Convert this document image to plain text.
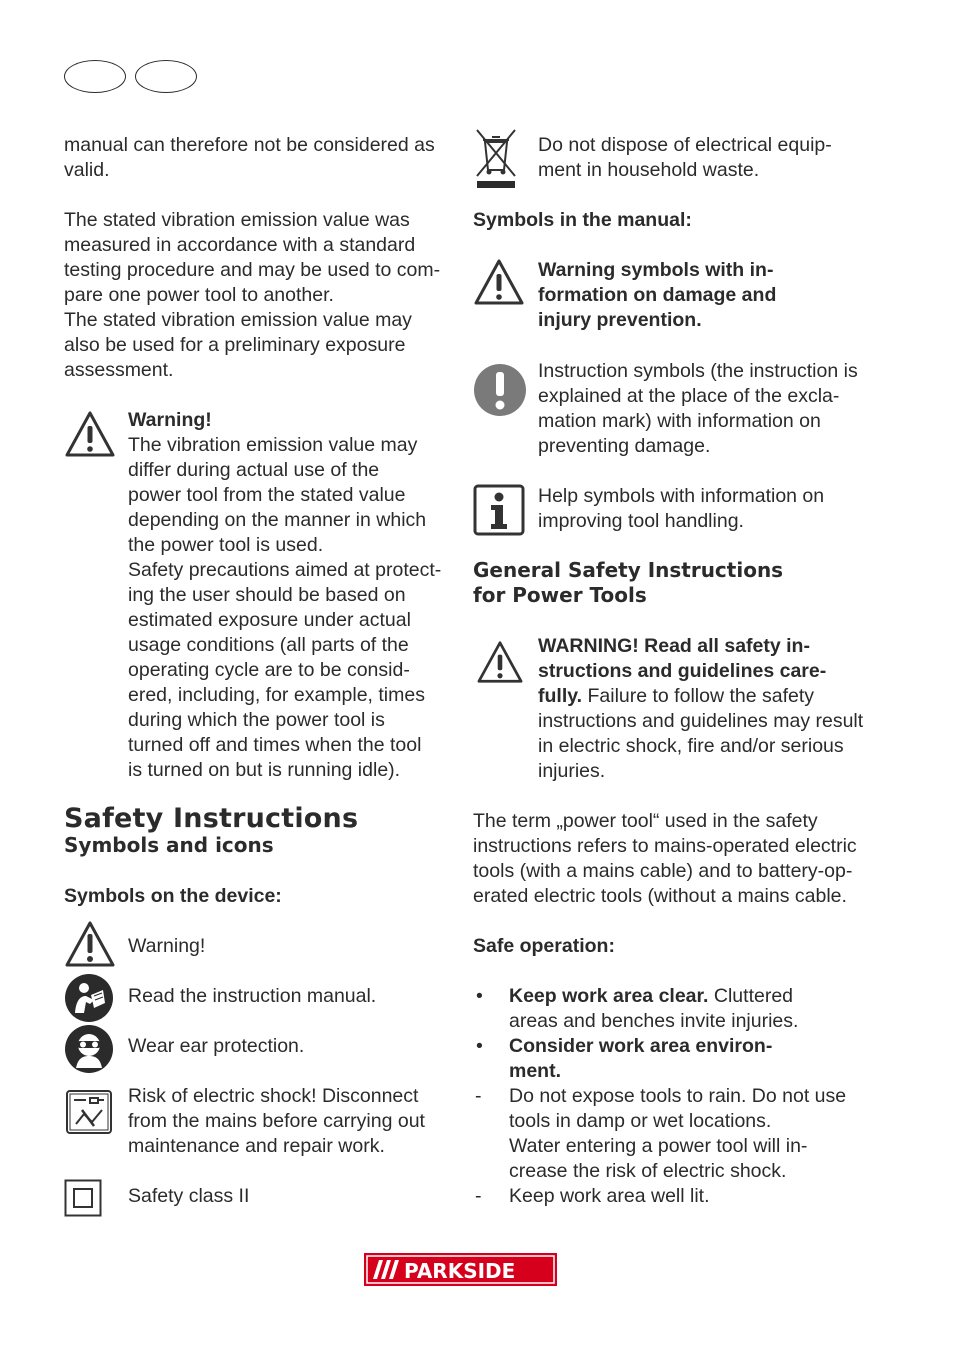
manual can therefore not be considered as valid.

The stated vibration emission value was

measured in accordance with a standard

testing procedure and may be used to com-

pare one power tool to another.

The stated vibration emission value may

also be used for a preliminary exposure

assessment.

Warning!

The vibration emission value may

differ during actual use of the

power tool from the stated value

depending on the manner in which

the power tool is used.

Safety precautions aimed at protect-

ing the user should be based on

estimated exposure under actual

usage conditions (all parts of the

operating cycle are to be consid-

ered, including, for example, times

during which the power tool is

turned off and times when the tool

is turned on but is running idle).

Safety Instructions
Symbols and icons
Symbols on the device:
Warning!
Read the instruction manual.
Wear ear protection.

Risk of electric shock! Disconnect

from the mains before carrying out

maintenance and repair work.

Safety class II

Do not dispose of electrical equip-

ment in household waste.

Symbols in the manual:

Warning symbols with in-

formation on damage and

injury prevention.

Instruction symbols (the instruction is

explained at the place of the excla-

mation mark) with information on

preventing damage.

Help symbols with information on

improving tool handling.

General Safety Instructions

for Power Tools

WARNING! Read all safety in-

structions and guidelines care-

fully. Failure to follow the safety

instructions and guidelines may result

in electric shock, fire and/or serious

injuries.

The term „power tool“ used in the safety

instructions refers to mains-operated electric

tools (with a mains cable) and to battery-op-

erated electric tools (without a mains cable.

Safe operation:
• Keep work area clear. Cluttered

areas and benches invite injuries.

• Consider work area environ-

ment.

- Do not expose tools to rain. Do not use

tools in damp or wet locations.

Water entering a power tool will in-

crease the risk of electric shock.

- Keep work area well lit.
PARKSIDE
